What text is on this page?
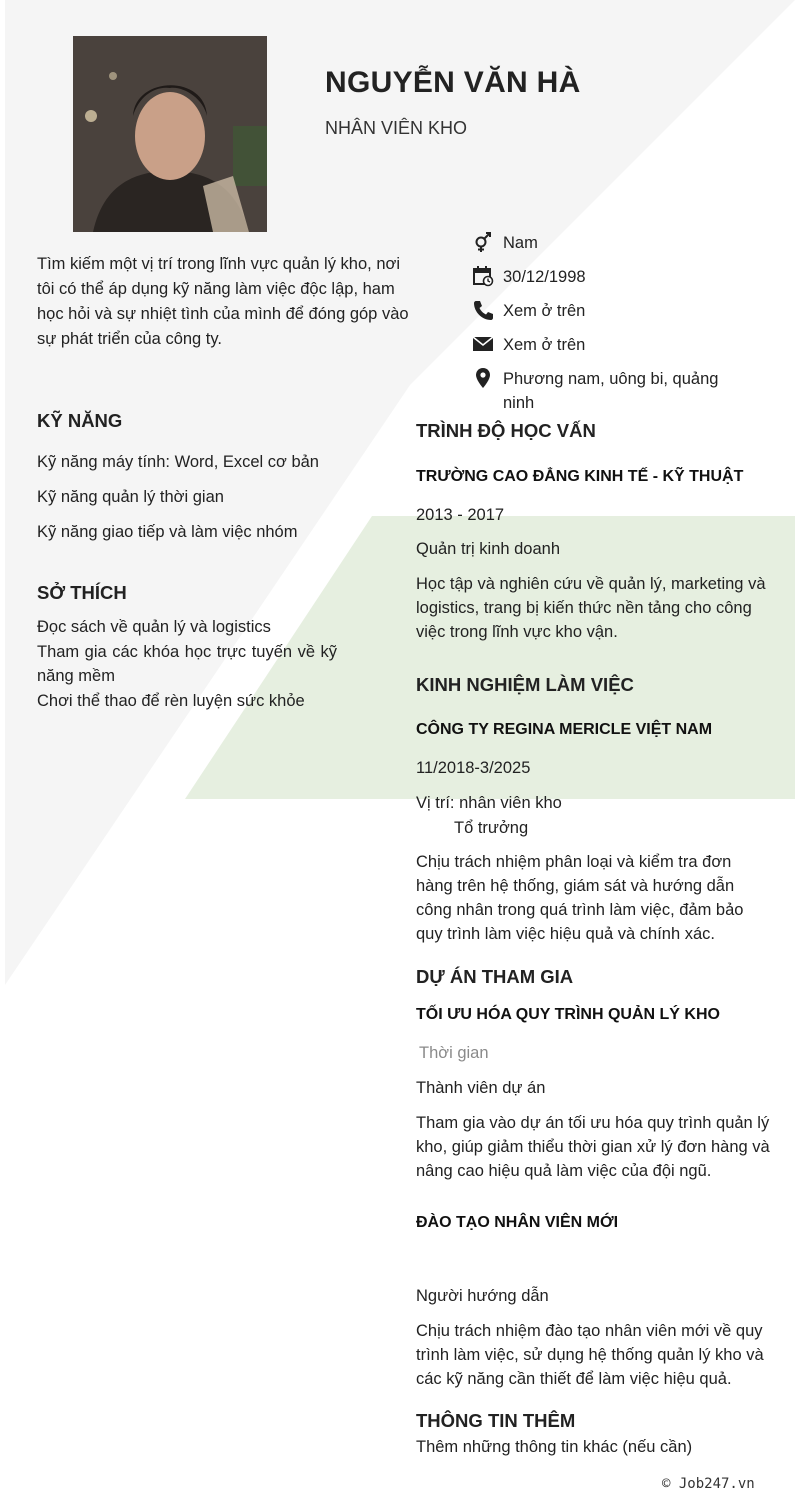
NGUYỄN VĂN HÀ
NHÂN VIÊN KHO
Tìm kiếm một vị trí trong lĩnh vực quản lý kho, nơi tôi có thể áp dụng kỹ năng làm việc độc lập, ham học hỏi và sự nhiệt tình của mình để đóng góp vào sự phát triển của công ty.
Nam
30/12/1998
Xem ở trên
Xem ở trên
Phương nam, uông bi, quảng ninh
KỸ NĂNG
Kỹ năng máy tính: Word, Excel cơ bản
Kỹ năng quản lý thời gian
Kỹ năng giao tiếp và làm việc nhóm
SỞ THÍCH
Đọc sách về quản lý và logistics
Tham gia các khóa học trực tuyến về kỹ năng mềm
Chơi thể thao để rèn luyện sức khỏe
TRÌNH ĐỘ HỌC VẤN
TRƯỜNG CAO ĐẲNG KINH TẾ - KỸ THUẬT
2013 - 2017
Quản trị kinh doanh
Học tập và nghiên cứu về quản lý, marketing và logistics, trang bị kiến thức nền tảng cho công việc trong lĩnh vực kho vận.
KINH NGHIỆM LÀM VIỆC
CÔNG TY REGINA MERICLE VIỆT NAM
11/2018-3/2025
Vị trí: nhân viên kho
Tổ trưởng
Chịu trách nhiệm phân loại và kiểm tra đơn hàng trên hệ thống, giám sát và hướng dẫn công nhân trong quá trình làm việc, đảm bảo quy trình làm việc hiệu quả và chính xác.
DỰ ÁN THAM GIA
TỐI ƯU HÓA QUY TRÌNH QUẢN LÝ KHO
Thời gian
Thành viên dự án
Tham gia vào dự án tối ưu hóa quy trình quản lý kho, giúp giảm thiểu thời gian xử lý đơn hàng và nâng cao hiệu quả làm việc của đội ngũ.
ĐÀO TẠO NHÂN VIÊN MỚI
Người hướng dẫn
Chịu trách nhiệm đào tạo nhân viên mới về quy trình làm việc, sử dụng hệ thống quản lý kho và các kỹ năng cần thiết để làm việc hiệu quả.
THÔNG TIN THÊM
Thêm những thông tin khác (nếu cần)
© Job247.vn
